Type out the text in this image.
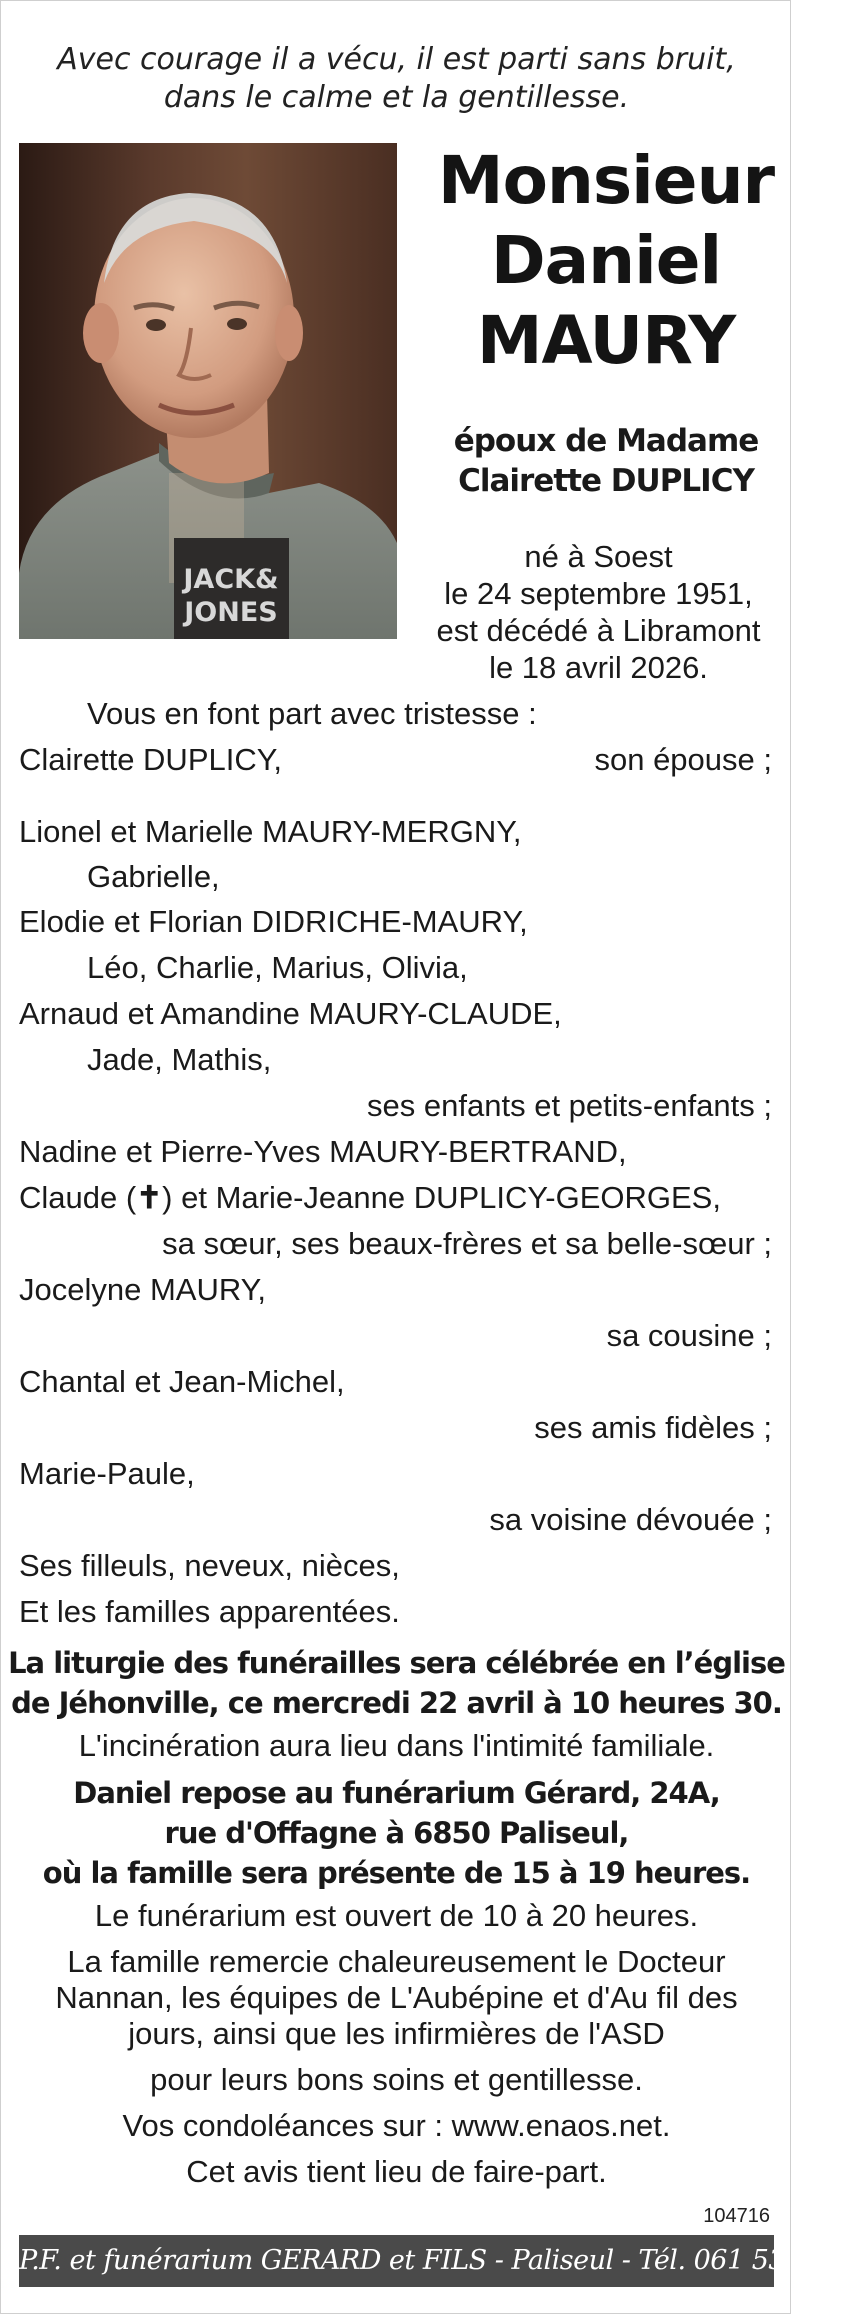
Avec courage il a vécu, il est parti sans bruit,
dans le calme et la gentillesse.
JACK&
JONES
Monsieur
Daniel
MAURY
époux de Madame
Clairette DUPLICY
né à Soest
le 24 septembre 1951,
est décédé à Libramont
le 18 avril 2026.
Vous en font part avec tristesse :
Clairette DUPLICY,	son épouse ;
Lionel et Marielle MAURY-MERGNY,
Gabrielle,
Elodie et Florian DIDRICHE-MAURY,
Léo, Charlie, Marius, Olivia,
Arnaud et Amandine MAURY-CLAUDE,
Jade, Mathis,
ses enfants et petits-enfants ;
Nadine et Pierre-Yves MAURY-BERTRAND,
Claude (✝) et Marie-Jeanne DUPLICY-GEORGES,
sa sœur, ses beaux-frères et sa belle-sœur ;
Jocelyne MAURY,
sa cousine ;
Chantal et Jean-Michel,
ses amis fidèles ;
Marie-Paule,
sa voisine dévouée ;
Ses filleuls, neveux, nièces,
Et les familles apparentées.
La liturgie des funérailles sera célébrée en l’église
de Jéhonville, ce mercredi 22 avril à 10 heures 30.
L'incinération aura lieu dans l'intimité familiale.
Daniel repose au funérarium Gérard, 24A,
rue d'Offagne à 6850 Paliseul,
où la famille sera présente de 15 à 19 heures.
Le funérarium est ouvert de 10 à 20 heures.
La famille remercie chaleureusement le Docteur
Nannan, les équipes de L'Aubépine et d'Au fil des
jours, ainsi que les infirmières de l'ASD
pour leurs bons soins et gentillesse.
Vos condoléances sur : www.enaos.net.
Cet avis tient lieu de faire-part.
104716
P.F. et funérarium GERARD et FILS - Paliseul - Tél. 061 53 32 84
